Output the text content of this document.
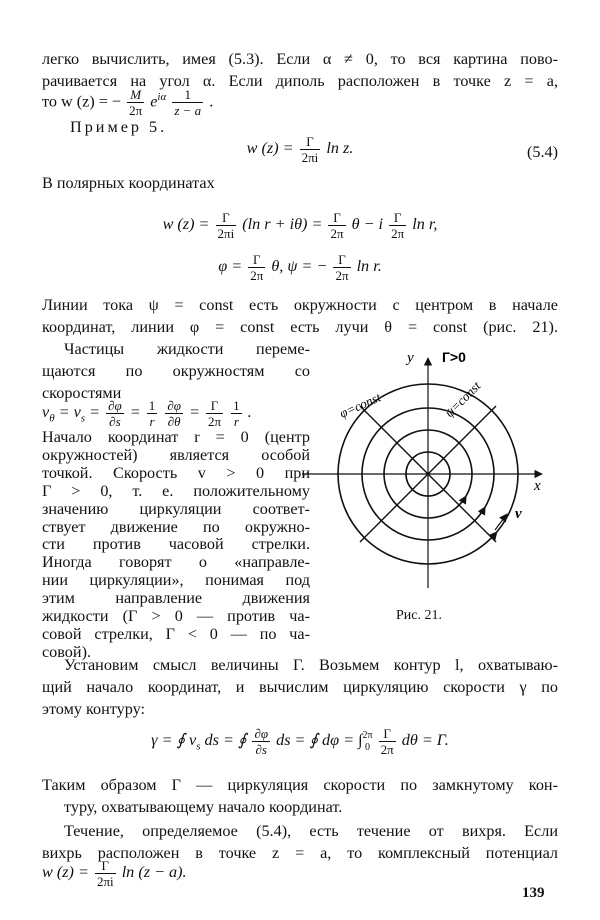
легко вычислить, имея (5.3). Если α ≠ 0, то вся картина пово-
рачивается на угол α. Если диполь расположен в точке z = a,
то w (z) = − $\frac{M}{2\pi} e^{i\alpha} \frac{1}{z - a}$ .
Пример 5.
w $(z) = \frac{Г}{2\pi i}$ ln z.	(5.4)
В полярных координатах
w $(z) = \frac{Г}{2\pi i} (\ln$ $r + i\theta) = \frac{Г}{2\pi}$ θ − i $\frac{Г}{2\pi}$ ln r,
$\varphi = \frac{Г}{2\pi} \theta$, ψ = − $\frac{Г}{2\pi}$ ln r.
Линии тока ψ = const есть окружности с центром в начале
координат, линии φ = const есть лучи θ = const (рис. 21).
Частицы жидкости переме-
щаются по окружностям со
скоростями
$v_\theta = v_s = \frac{\partial\varphi}{\partial s} = \frac{1}{r}$
$\frac{\partial\varphi}{\partial\theta} = \frac{Г}{2\pi}$
$\frac{1}{r}$ .
Начало координат r = 0 (центр
окружностей) является особой
точкой. Скорость v > 0 при
Г > 0, т. е. положительному
значению циркуляции соответ-
ствует движение по окружно-
сти против часовой стрелки.
Иногда говорят о «направле-
нии циркуляции», понимая под
этим направление движения
жидкости (Г > 0 — против ча-
совой стрелки, Г < 0 — по ча-
совой).
y
x
Г>0
v
φ=const	ψ=const
Рис. 21.
Установим смысл величины Г. Возьмем контур l, охватываю-
щий начало координат, и вычислим циркуляцию скорости γ по
этому контуру:
γ = ∮ $v_s$ ds = ∮ $\frac{\partial\varphi}{\partial s}$ ds = ∮ dφ = ∫ 2π
0
$\frac{Г}{2\pi}$ dθ = Г.
Таким образом Г — циркуляция скорости по замкнутому кон-
туру, охватывающему начало координат.
Течение, определяемое (5.4), есть течение от вихря. Если
вихрь расположен в точке z = a, то комплексный потенциал
w $(z) = \frac{Г}{2\pi i}$ ln (z − a).
139
